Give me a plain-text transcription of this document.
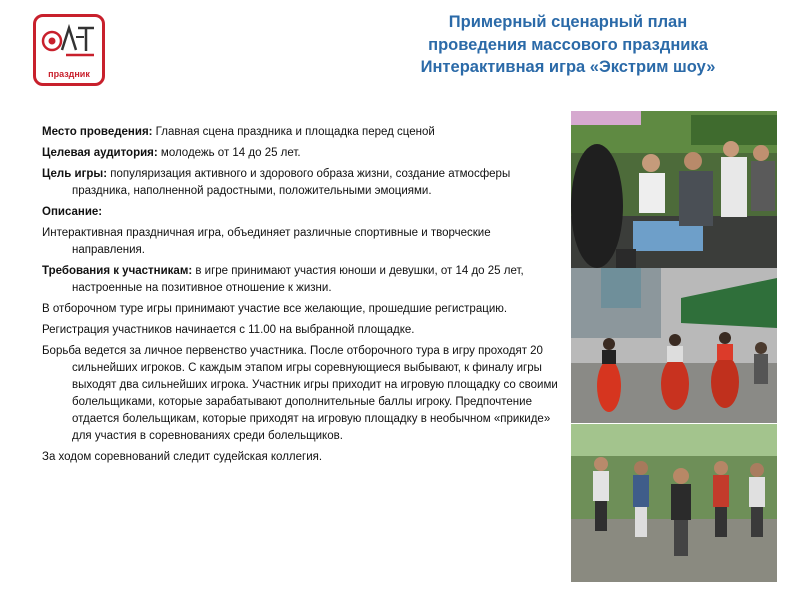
праздник
Примерный сценарный план
проведения массового праздника
Интерактивная игра «Экстрим шоу»
Место проведения: Главная сцена праздника и площадка перед сценой
Целевая аудитория: молодежь от 14 до 25 лет.
Цель игры: популяризация активного и здорового образа жизни, создание атмосферы праздника, наполненной радостными, положительными эмоциями.
Описание:
Интерактивная праздничная игра, объединяет различные спортивные и творческие направления.
Требования к участникам: в игре принимают участия юноши и девушки, от 14 до 25 лет, настроенные на позитивное отношение к жизни.
В отборочном туре игры принимают участие все желающие, прошедшие регистрацию.
Регистрация участников начинается с 11.00 на выбранной площадке.
Борьба ведется за личное первенство участника. После отборочного тура в игру проходят 20 сильнейших игроков. С каждым этапом игры соревнующиеся выбывают, к финалу игры выходят два сильнейших игрока. Участник игры приходит на игровую площадку со своими болельщиками, которые зарабатывают дополнительные баллы игроку. Предпочтение отдается болельщикам, которые приходят на игровую площадку в необычном «прикиде» для участия в соревнованиях среди болельщиков.
За ходом соревнований следит судейская коллегия.
